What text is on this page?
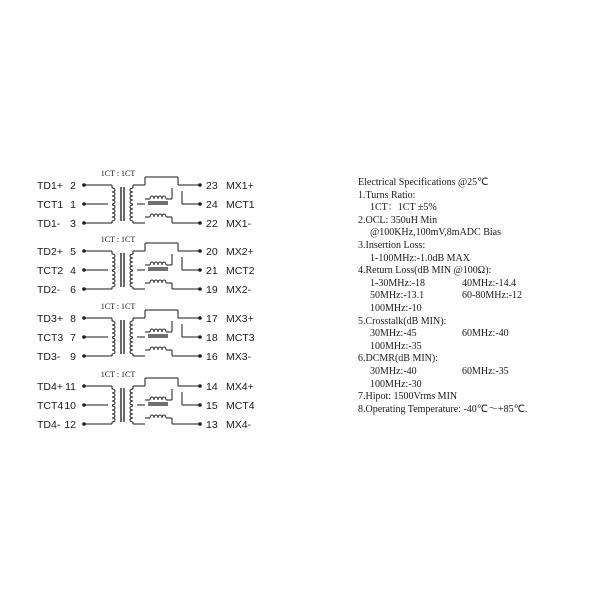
1CT : 1CT
TD1+ 2
TCT1 1
TD1- 3
23 MX1+
24 MCT1
22 MX1-
1CT : 1CT
TD2+ 5
TCT2 4
TD2- 6
20 MX2+
21 MCT2
19 MX2-
1CT : 1CT
TD3+ 8
TCT3 7
TD3- 9
17 MX3+
18 MCT3
16 MX3-
1CT : 1CT
TD4+ 11
TCT4 10
TD4- 12
14 MX4+
15 MCT4
13 MX4-
Electrical Specifications @25℃
1.Turns Ratio:
1CT：1CT ±5%
2.OCL: 350uH Min
@100KHz,100mV,8mADC Bias
3.Insertion Loss:
1-100MHz:-1.0dB MAX
4.Return Loss(dB MIN @100Ω):
1-30MHz:-18	40MHz:-14.4
50MHz:-13.1	60-80MHz:-12
100MHz:-10
5.Crosstalk(dB MIN):
30MHz:-45	60MHz:-40
100MHz:-35
6.DCMR(dB MIN):
30MHz:-40	60MHz:-35
100MHz:-30
7.Hipot: 1500Vrms MIN
8.Operating Temperature: -40℃～+85℃.
